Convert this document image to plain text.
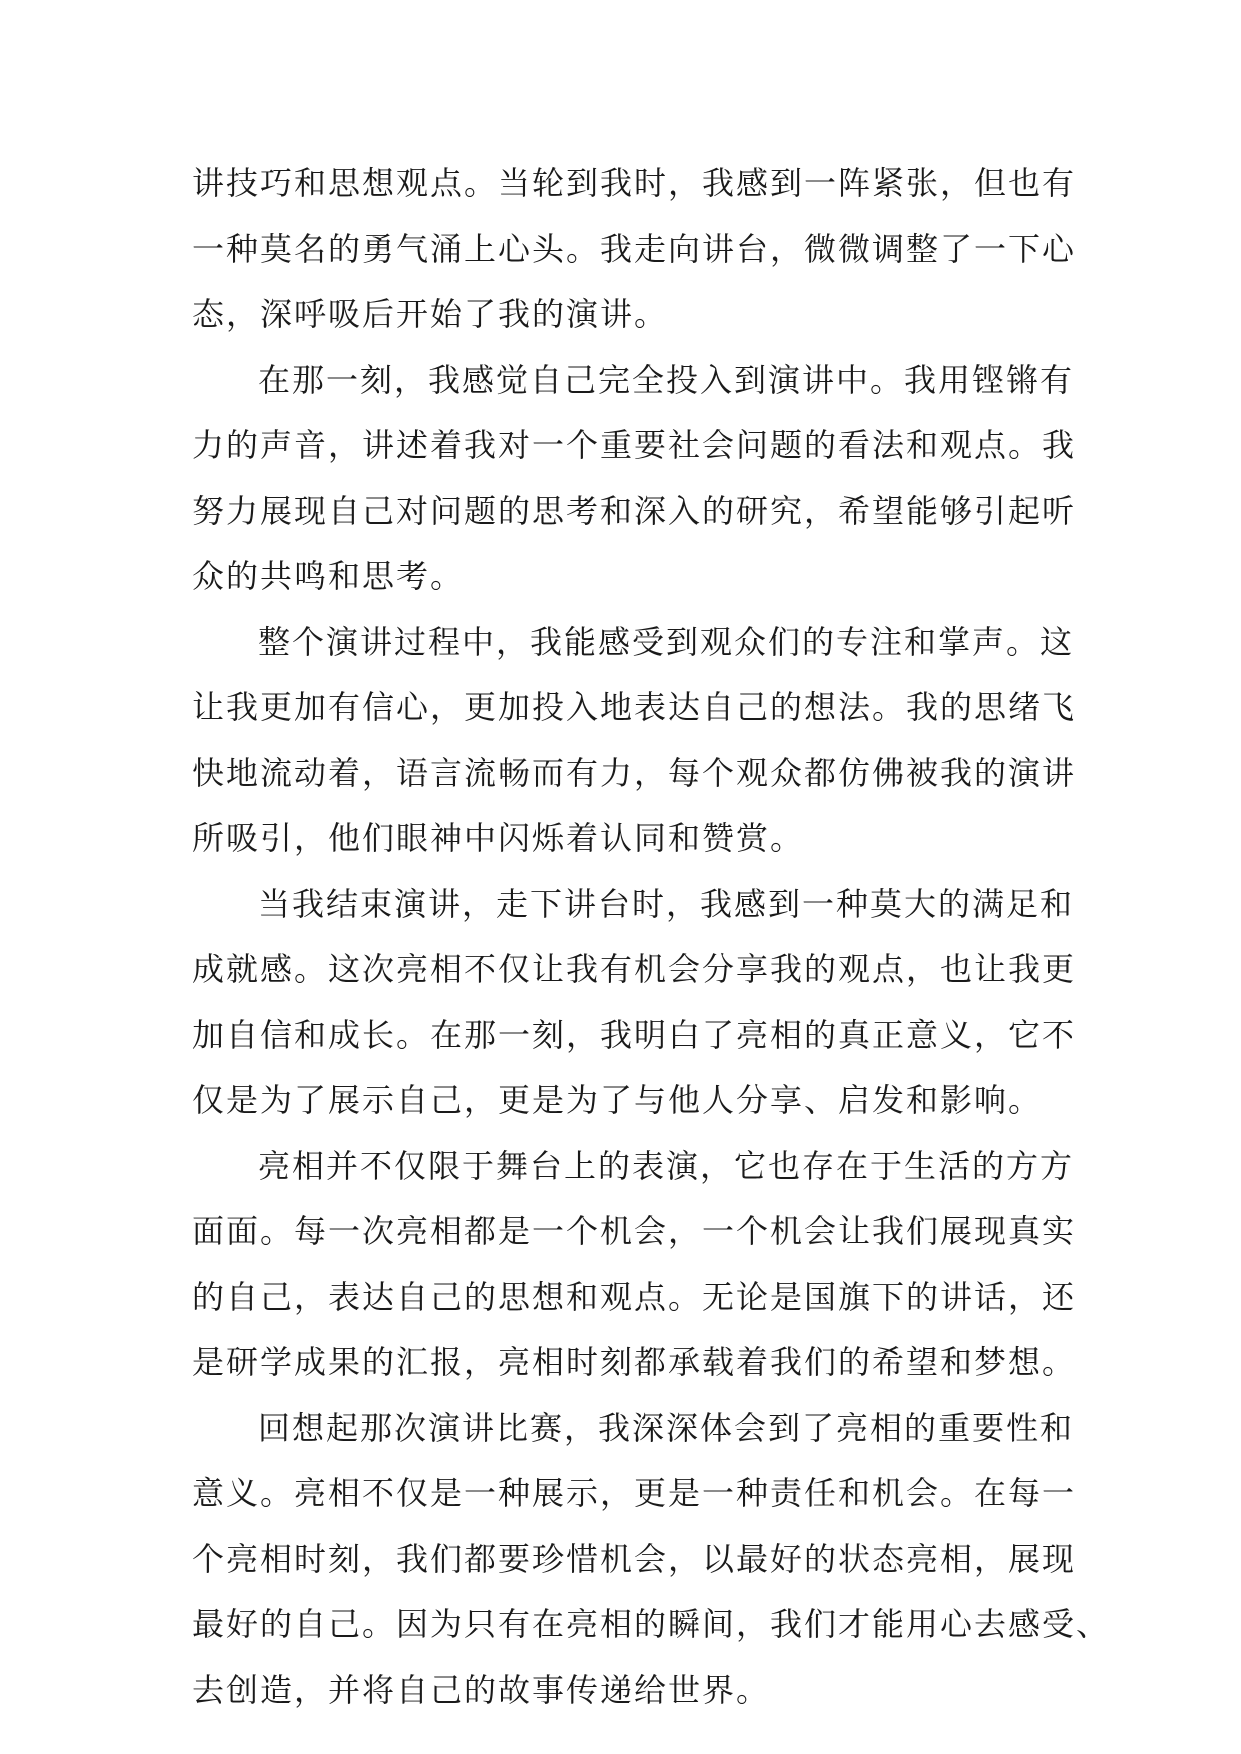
讲技巧和思想观点。当轮到我时，我感到一阵紧张，但也有
一种莫名的勇气涌上心头。我走向讲台，微微调整了一下心
态，深呼吸后开始了我的演讲。
在那一刻，我感觉自己完全投入到演讲中。我用铿锵有
力的声音，讲述着我对一个重要社会问题的看法和观点。我
努力展现自己对问题的思考和深入的研究，希望能够引起听
众的共鸣和思考。
整个演讲过程中，我能感受到观众们的专注和掌声。这
让我更加有信心，更加投入地表达自己的想法。我的思绪飞
快地流动着，语言流畅而有力，每个观众都仿佛被我的演讲
所吸引，他们眼神中闪烁着认同和赞赏。
当我结束演讲，走下讲台时，我感到一种莫大的满足和
成就感。这次亮相不仅让我有机会分享我的观点，也让我更
加自信和成长。在那一刻，我明白了亮相的真正意义，它不
仅是为了展示自己，更是为了与他人分享、启发和影响。
亮相并不仅限于舞台上的表演，它也存在于生活的方方
面面。每一次亮相都是一个机会，一个机会让我们展现真实
的自己，表达自己的思想和观点。无论是国旗下的讲话，还
是研学成果的汇报，亮相时刻都承载着我们的希望和梦想。
回想起那次演讲比赛，我深深体会到了亮相的重要性和
意义。亮相不仅是一种展示，更是一种责任和机会。在每一
个亮相时刻，我们都要珍惜机会，以最好的状态亮相，展现
最好的自己。因为只有在亮相的瞬间，我们才能用心去感受、
去创造，并将自己的故事传递给世界。
